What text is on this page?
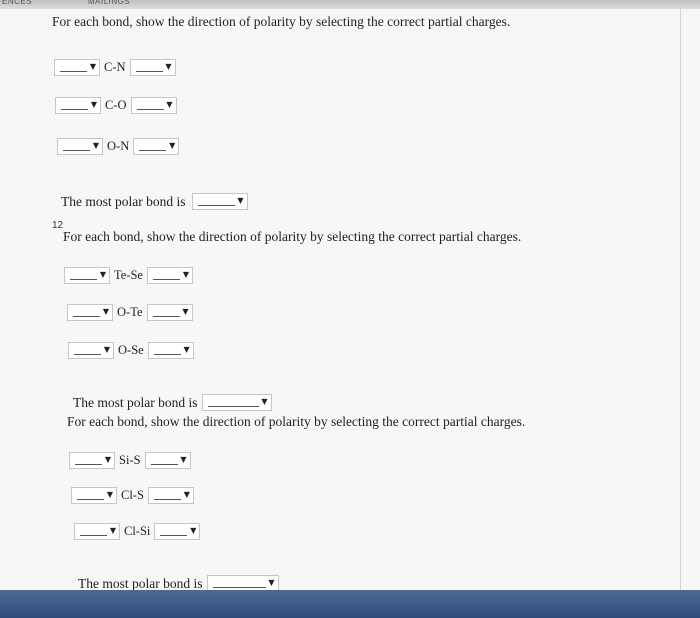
ENCES	MAILINGS
For each bond, show the direction of polarity by selecting the correct partial charges.
▼ C-N	▼
▼ C-O	▼
▼ O-N	▼
The most polar bond is	▼
12
For each bond, show the direction of polarity by selecting the correct partial charges.
▼ Te-Se	▼
▼ O-Te	▼
▼ O-Se	▼
The most polar bond is	▼
For each bond, show the direction of polarity by selecting the correct partial charges.
▼ Si-S	▼
▼ Cl-S	▼
▼ Cl-Si	▼
The most polar bond is	▼
